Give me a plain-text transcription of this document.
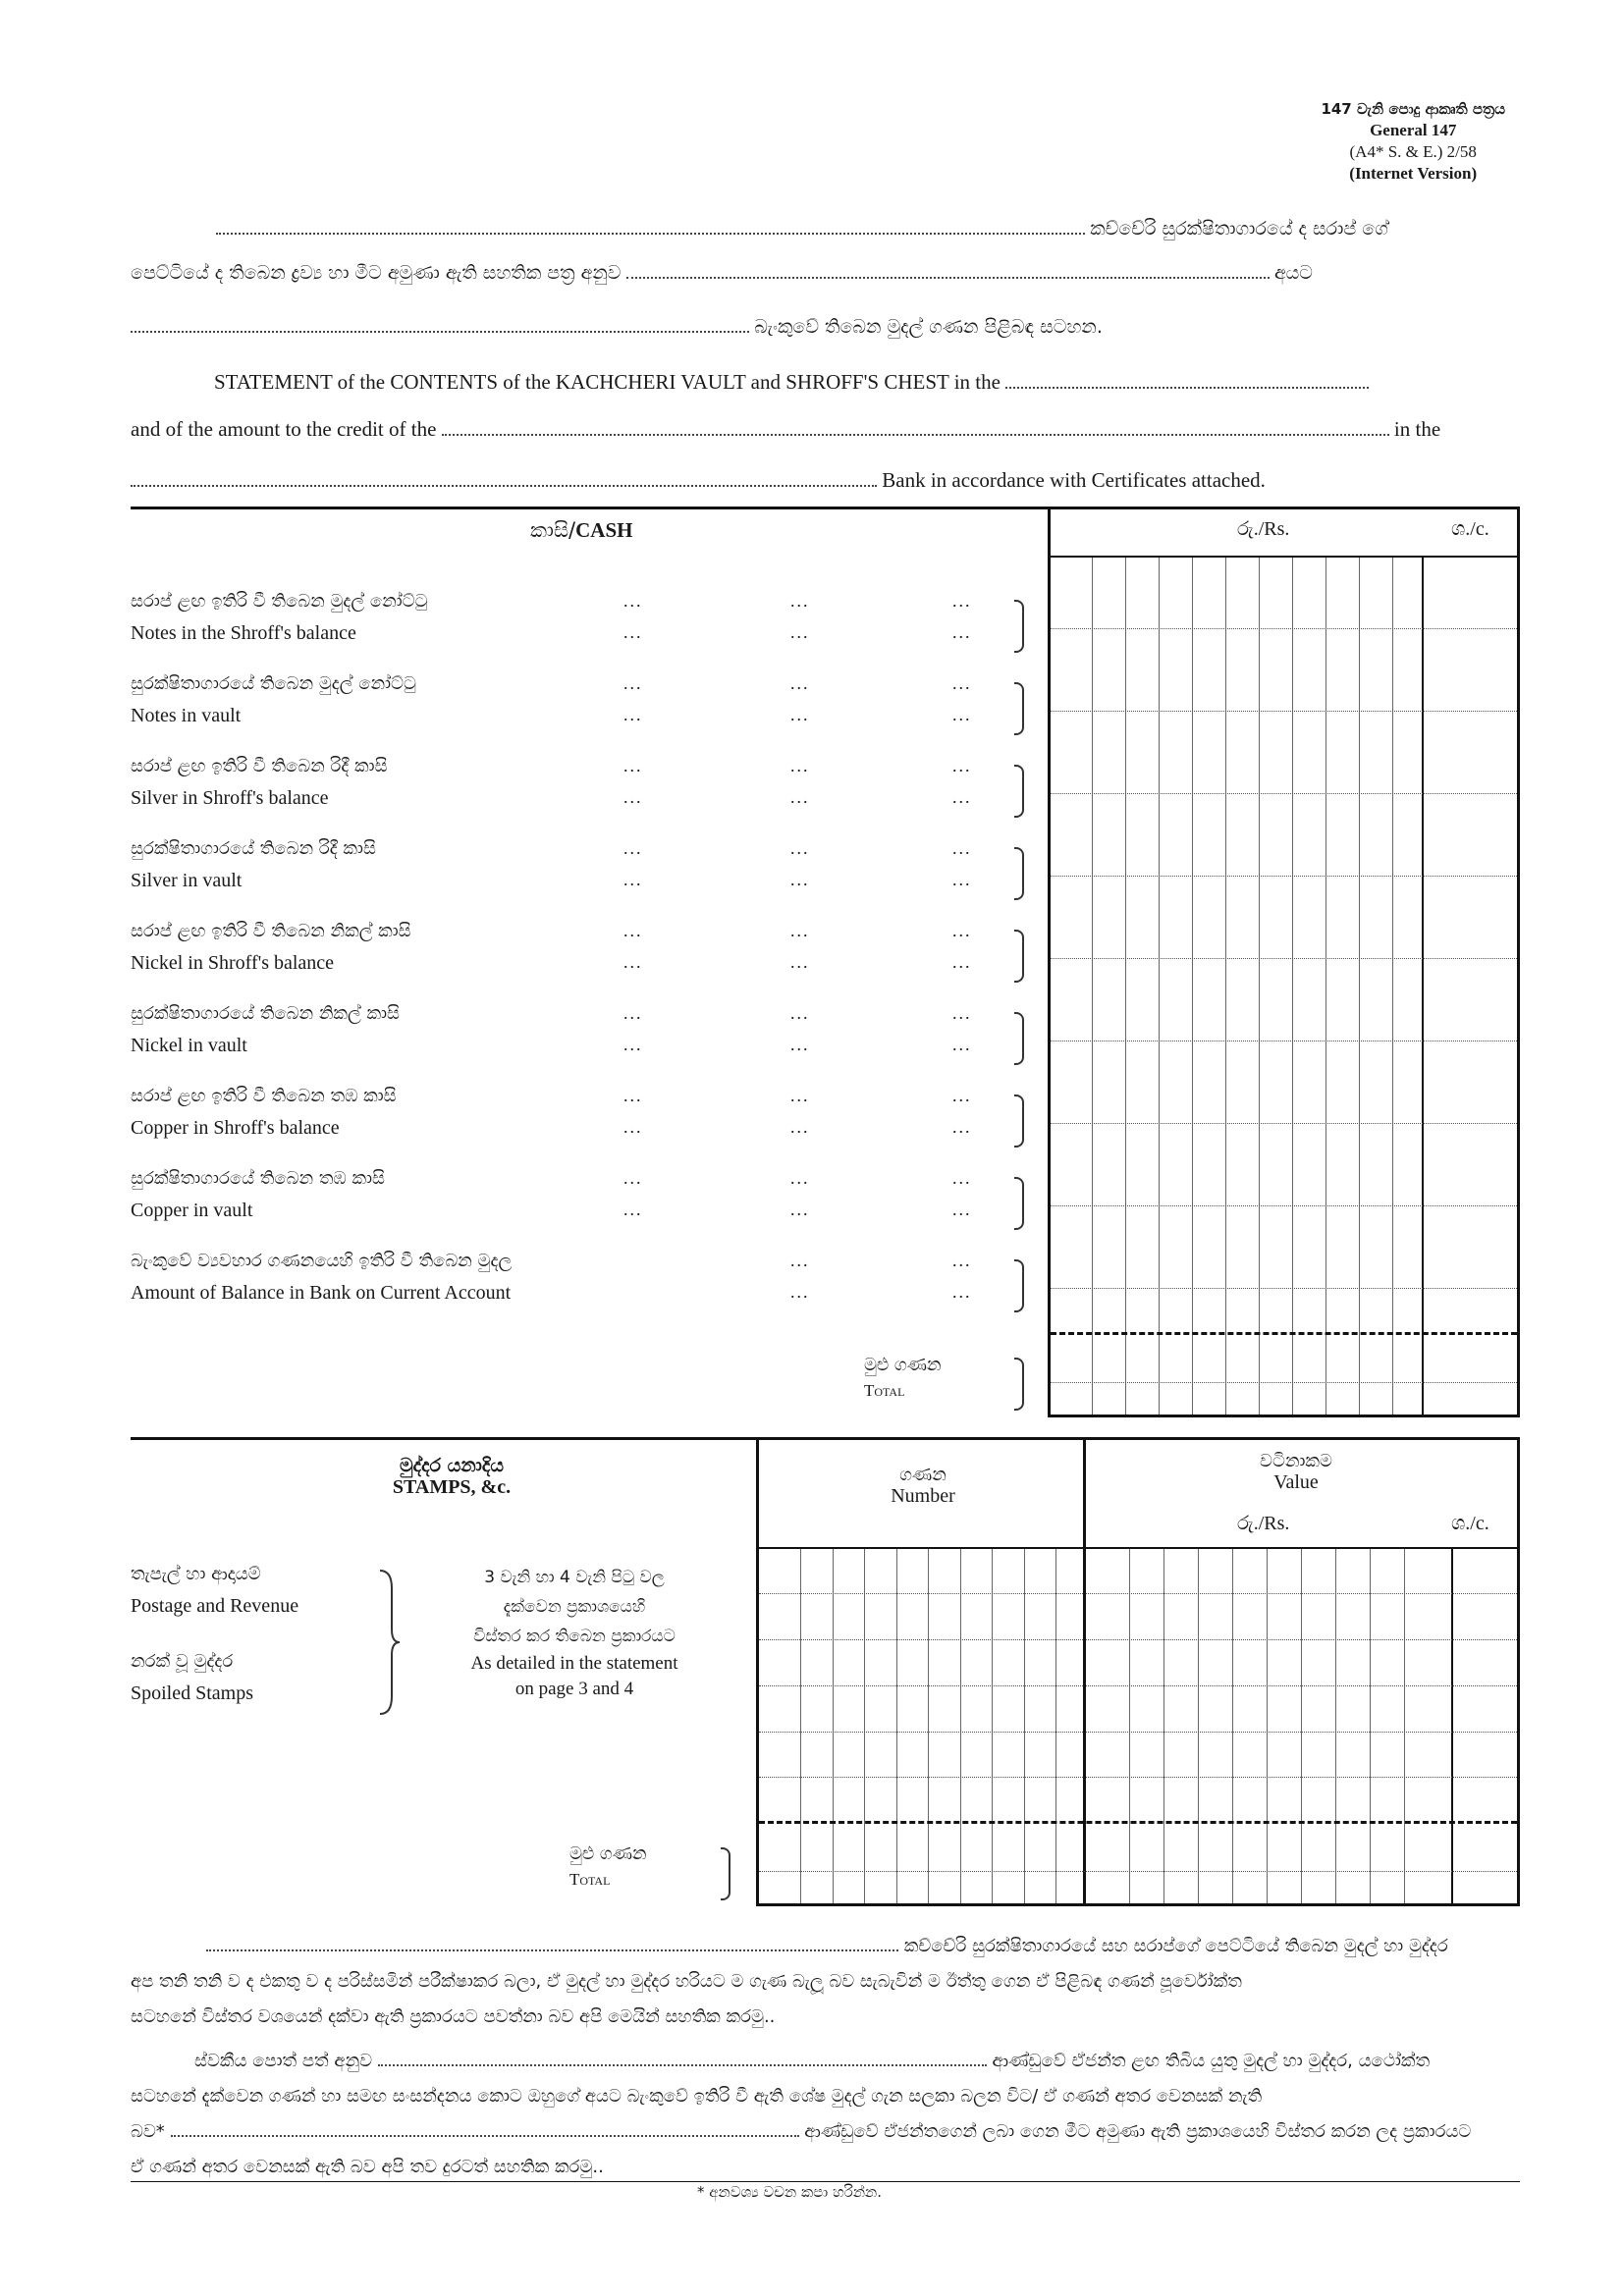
147 වැනි පොදු ආකෘති පත්‍රය
General 147
(A4* S. & E.) 2/58
(Internet Version)
කච්චේරි සුරක්ෂිතාගාරයේ ද සරාප් ගේ
පෙට්ටියේ ද තිබෙන ද්‍රව්‍ය හා මීට අමුණා ඇති සහතික පත්‍ර අනුව	අයට
බැංකුවේ තිබෙන මුදල් ගණන පිළිබඳ සටහන.
STATEMENT of the CONTENTS of the KACHCHERI VAULT and SHROFF'S CHEST in the
and of the amount to the credit of the	in the
Bank in accordance with Certificates attached.
කාසි/CASH	රු./Rs.	ශ./c.
සරාප් ළඟ ඉතිරි වී තිබෙන මුදල් නෝට්ටු
Notes in the Shroff's balance
...	...	...
...	...	...
සුරක්ෂිතාගාරයේ තිබෙන මුදල් නෝට්ටු
Notes in vault
...	...	...
...	...	...
සරාප් ළඟ ඉතිරි වී තිබෙන රිදී කාසි
Silver in Shroff's balance
...	...	...
...	...	...
සුරක්ෂිතාගාරයේ තිබෙන රිදී කාසි
Silver in vault
...	...	...
...	...	...
සරාප් ළඟ ඉතිරි වී තිබෙන නිකල් කාසි
Nickel in Shroff's balance
...	...	...
...	...	...
සුරක්ෂිතාගාරයේ තිබෙන නිකල් කාසි
Nickel in vault
...	...	...
...	...	...
සරාප් ළඟ ඉතිරි වී තිබෙන තඹ කාසි
Copper in Shroff's balance
...	...	...
...	...	...
සුරක්ෂිතාගාරයේ තිබෙන තඹ කාසි
Copper in vault
...	...	...
...	...	...
බැංකුවේ ව්‍යවහාර ගණනයෙහි ඉතිරි වී තිබෙන මුදල
Amount of Balance in Bank on Current Account
...	...
...	...
මුළු ගණන
Total
මුද්දර යනාදිය
STAMPS, &c.
ගණන
Number
වටිනාකම
Value
රු./Rs.	ශ./c.
තැපැල් හා ආදායම්
Postage and Revenue
නරක් වූ මුද්දර
Spoiled Stamps
3 වැනි හා 4 වැනි පිටු වල
දැක්වෙන ප්‍රකාශයෙහි
විස්තර කර තිබෙන ප්‍රකාරයට
As detailed in the statement
on page 3 and 4
මුළු ගණන
Total
කච්චේරි සුරක්ෂිතාගාරයේ සහ සරාප්ගේ පෙට්ටියේ තිබෙන මුදල් හා මුද්දර
අප තනි තනි ව ද එකතු ව ද පරිස්සමින් පරීක්ෂාකර බලා, ඒ මුදල් හා මුද්දර හරියට ම ගැණ බැලූ බව සැබැවින් ම ඊත්තු ගෙන ඒ පිළිබඳ ගණන් පූර්වෝක්ත
සටහනේ විස්තර වශයෙන් දක්වා ඇති ප්‍රකාරයට පවත්නා බව අපි මෙයින් සහතික කරමු..
ස්වකීය පොත් පත් අනුව	ආණ්ඩුවේ ඒජන්ත ළඟ තිබිය යුතු මුදල් හා මුද්දර, යථෝක්ත
සටහනේ දැක්වෙන ගණන් හා සමඟ සංසන්දනය කොට ඔහුගේ අයට බැංකුවේ ඉතිරි වී ඇති ශේෂ මුදල් ගැන සලකා බලන විට/ ඒ ගණන් අතර වෙනසක් නැති
බව*	ආණ්ඩුවේ ඒජන්තගෙන් ලබා ගෙන මීට අමුණා ඇති ප්‍රකාශයෙහි විස්තර කරන ලද ප්‍රකාරයට
ඒ ගණන් අතර වෙනසක් ඇති බව අපි තව දුරටත් සහතික කරමු..
* අනවශ්‍ය වචන කපා හරින්න.
